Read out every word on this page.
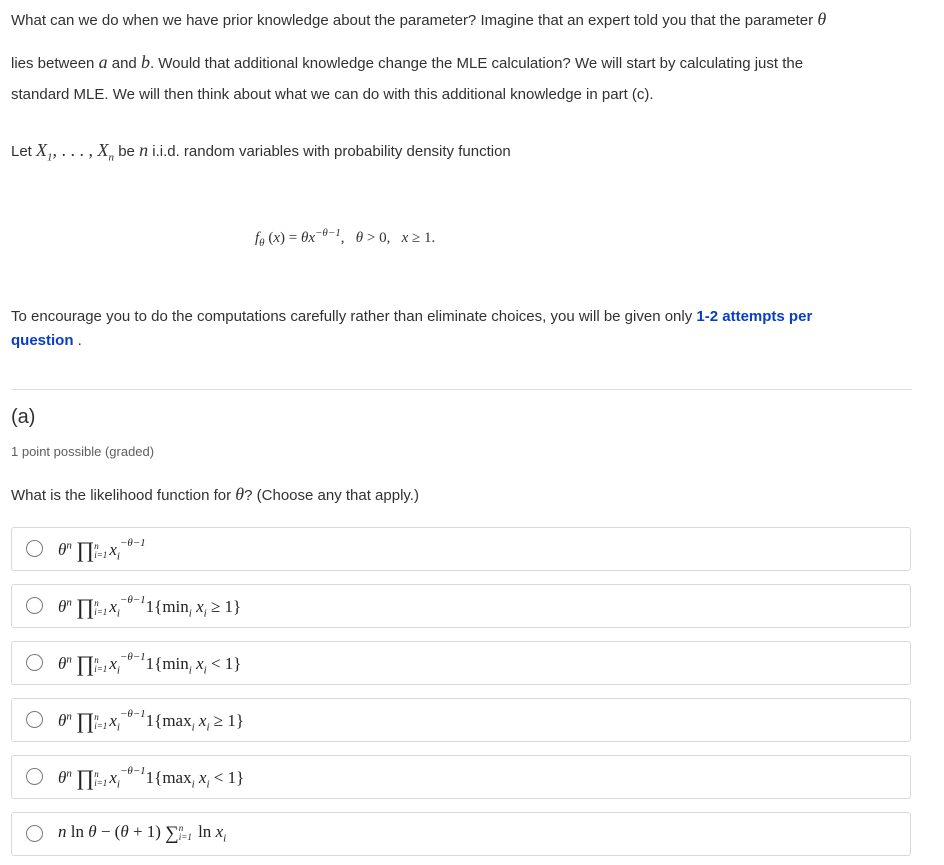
What can we do when we have prior knowledge about the parameter? Imagine that an expert told you that the parameter θ
lies between a and b. Would that additional knowledge change the MLE calculation? We will start by calculating just the
standard MLE. We will then think about what we can do with this additional knowledge in part (c).
Let $X_1$, . . . , $X_n$ be n i.i.d. random variables with probability density function
$f_\theta$ $(x) = \theta x^{-\theta-1}$,   θ > 0,   x ≥ 1.
To encourage you to do the computations carefully rather than eliminate choices, you will be given only 1-2 attempts per
question .
(a)
1 point possible (graded)
What is the likelihood function for θ? (Choose any that apply.)
$\theta^n$ ∏ n
i=1 $x_i^{-\theta-1}$
$\theta^n$ ∏ n
i=1 $x_i^{-\theta-1}1\{\min_i$ $x_i \ge 1$}
$\theta^n$ ∏ n
i=1 $x_i^{-\theta-1}1\{\min_i$ $x_i < 1$}
$\theta^n$ ∏ n
i=1 $x_i^{-\theta-1}1\{\max_i$ $x_i \ge 1$}
$\theta^n$ ∏ n
i=1 $x_i^{-\theta-1}1\{\max_i$ $x_i < 1$}
n ln θ − (θ + 1) ∑ n
i=1 $\ln x_i$
